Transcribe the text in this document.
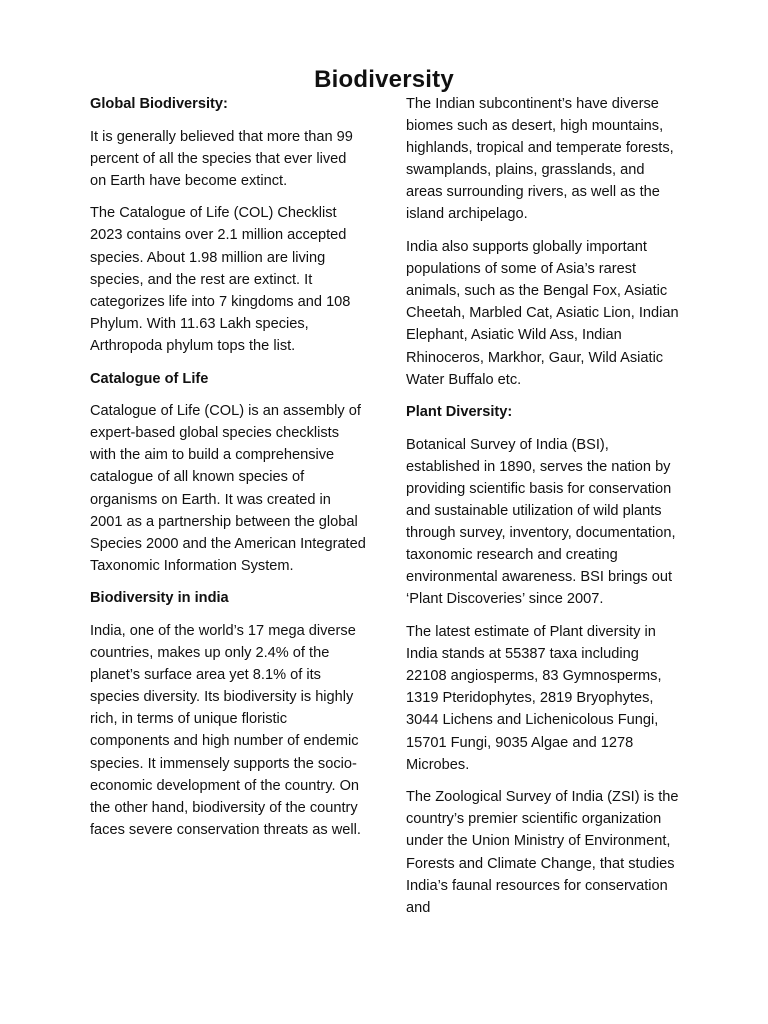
Biodiversity
Global Biodiversity:

It is generally believed that more than 99 percent of all the species that ever lived on Earth have become extinct.

The Catalogue of Life (COL) Checklist 2023 contains over 2.1 million accepted species. About 1.98 million are living species, and the rest are extinct. It categorizes life into 7 kingdoms and 108 Phylum. With 11.63 Lakh species, Arthropoda phylum tops the list.

Catalogue of Life

Catalogue of Life (COL) is an assembly of expert-based global species checklists with the aim to build a comprehensive catalogue of all known species of organisms on Earth. It was created in 2001 as a partnership between the global Species 2000 and the American Integrated Taxonomic Information System.

Biodiversity in india

India, one of the world’s 17 mega diverse countries, makes up only 2.4% of the planet’s surface area yet 8.1% of its species diversity. Its biodiversity is highly rich, in terms of unique floristic components and high number of endemic species. It immensely supports the socio-economic development of the country. On the other hand, biodiversity of the country faces severe conservation threats as well.

The Indian subcontinent’s have diverse biomes such as desert, high mountains, highlands, tropical and temperate forests, swamplands, plains, grasslands, and areas surrounding rivers, as well as the island archipelago.

India also supports globally important populations of some of Asia’s rarest animals, such as the Bengal Fox, Asiatic Cheetah, Marbled Cat, Asiatic Lion, Indian Elephant, Asiatic Wild Ass, Indian Rhinoceros, Markhor, Gaur, Wild Asiatic Water Buffalo etc.

Plant Diversity:

Botanical Survey of India (BSI), established in 1890, serves the nation by providing scientific basis for conservation and sustainable utilization of wild plants through survey, inventory, documentation, taxonomic research and creating environmental awareness. BSI brings out ‘Plant Discoveries’ since 2007.

The latest estimate of Plant diversity in India stands at 55387 taxa including 22108 angiosperms, 83 Gymnosperms, 1319 Pteridophytes, 2819 Bryophytes, 3044 Lichens and Lichenicolous Fungi, 15701 Fungi, 9035 Algae and 1278 Microbes.

The Zoological Survey of India (ZSI) is the country’s premier scientific organization under the Union Ministry of Environment, Forests and Climate Change, that studies India’s faunal resources for conservation and
